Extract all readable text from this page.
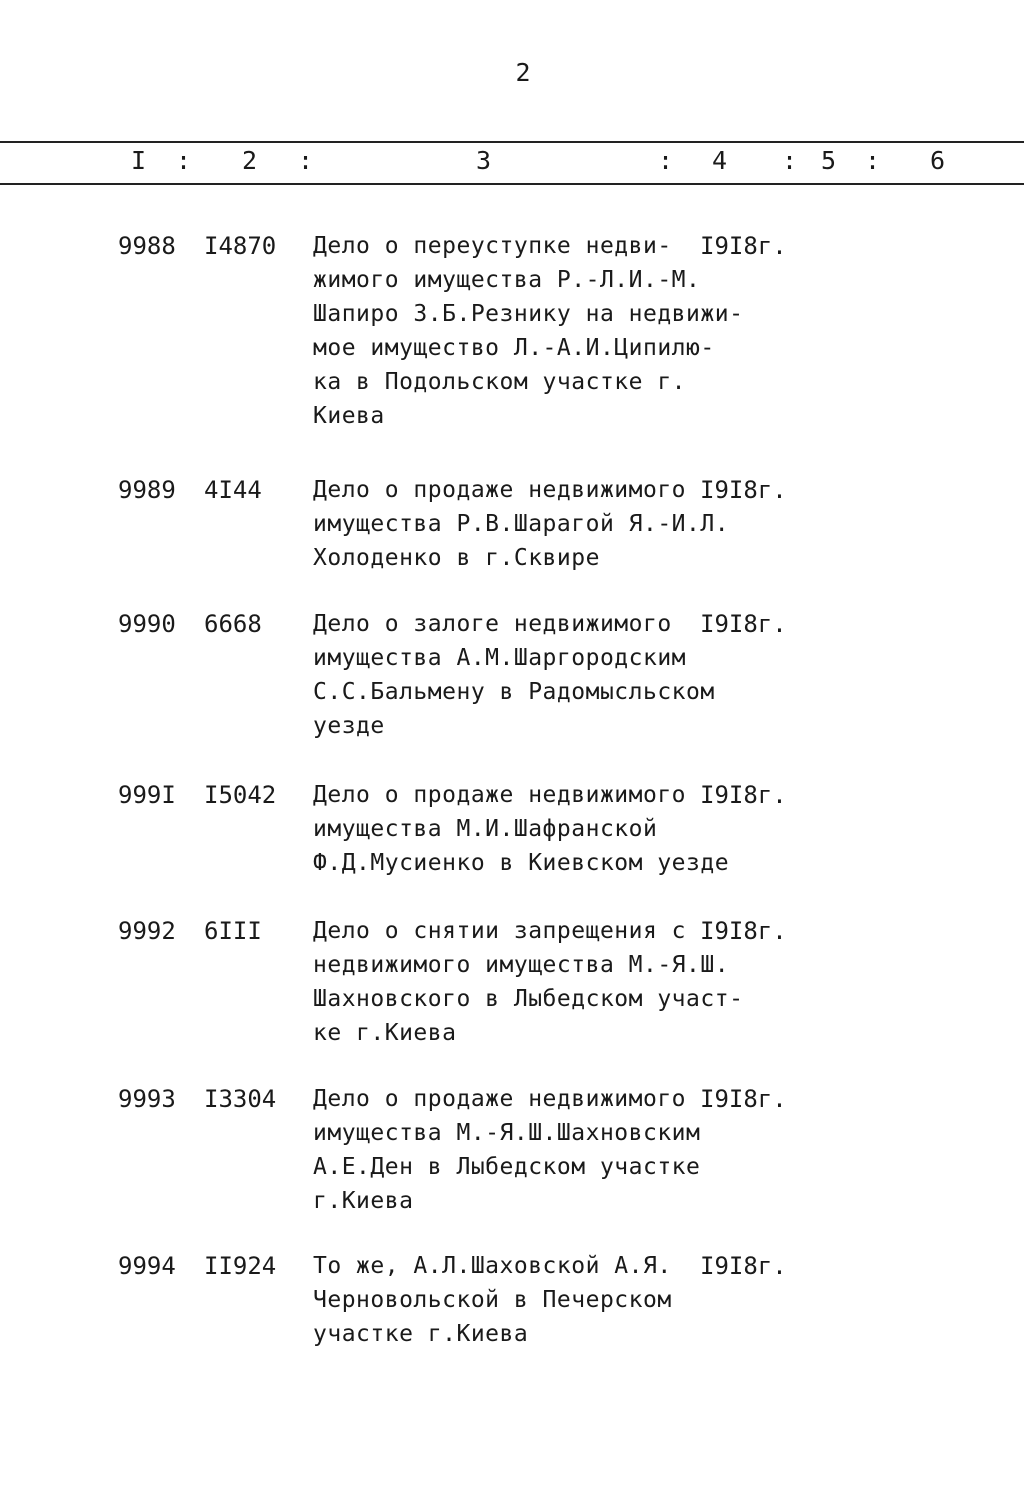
2
I : 2 :	3	: 4 : 5 : 6
9988 I4870 Дело о переуступке недви-
жимого имущества Р.-Л.И.-М.
Шапиро З.Б.Резнику на недвижи-
мое имущество Л.-А.И.Ципилю-
ка в Подольском участке г.
Киева
I9I8г.
9989 4I44 Дело о продаже недвижимого
имущества Р.В.Шарагой Я.-И.Л.
Холоденко в г.Сквире
I9I8г.
9990 6668 Дело о залоге недвижимого
имущества А.М.Шаргородским
С.С.Бальмену в Радомысльском
уезде
I9I8г.
999I I5042 Дело о продаже недвижимого
имущества М.И.Шафранской
Ф.Д.Мусиенко в Киевском уезде
I9I8г.
9992 6III Дело о снятии запрещения с
недвижимого имущества М.-Я.Ш.
Шахновского в Лыбедском участ-
ке г.Киева
I9I8г.
9993 I3304 Дело о продаже недвижимого
имущества М.-Я.Ш.Шахновским
А.Е.Ден в Лыбедском участке
г.Киева
I9I8г.
9994 II924 То же, А.Л.Шаховской А.Я.
Черновольской в Печерском
участке г.Киева
I9I8г.
